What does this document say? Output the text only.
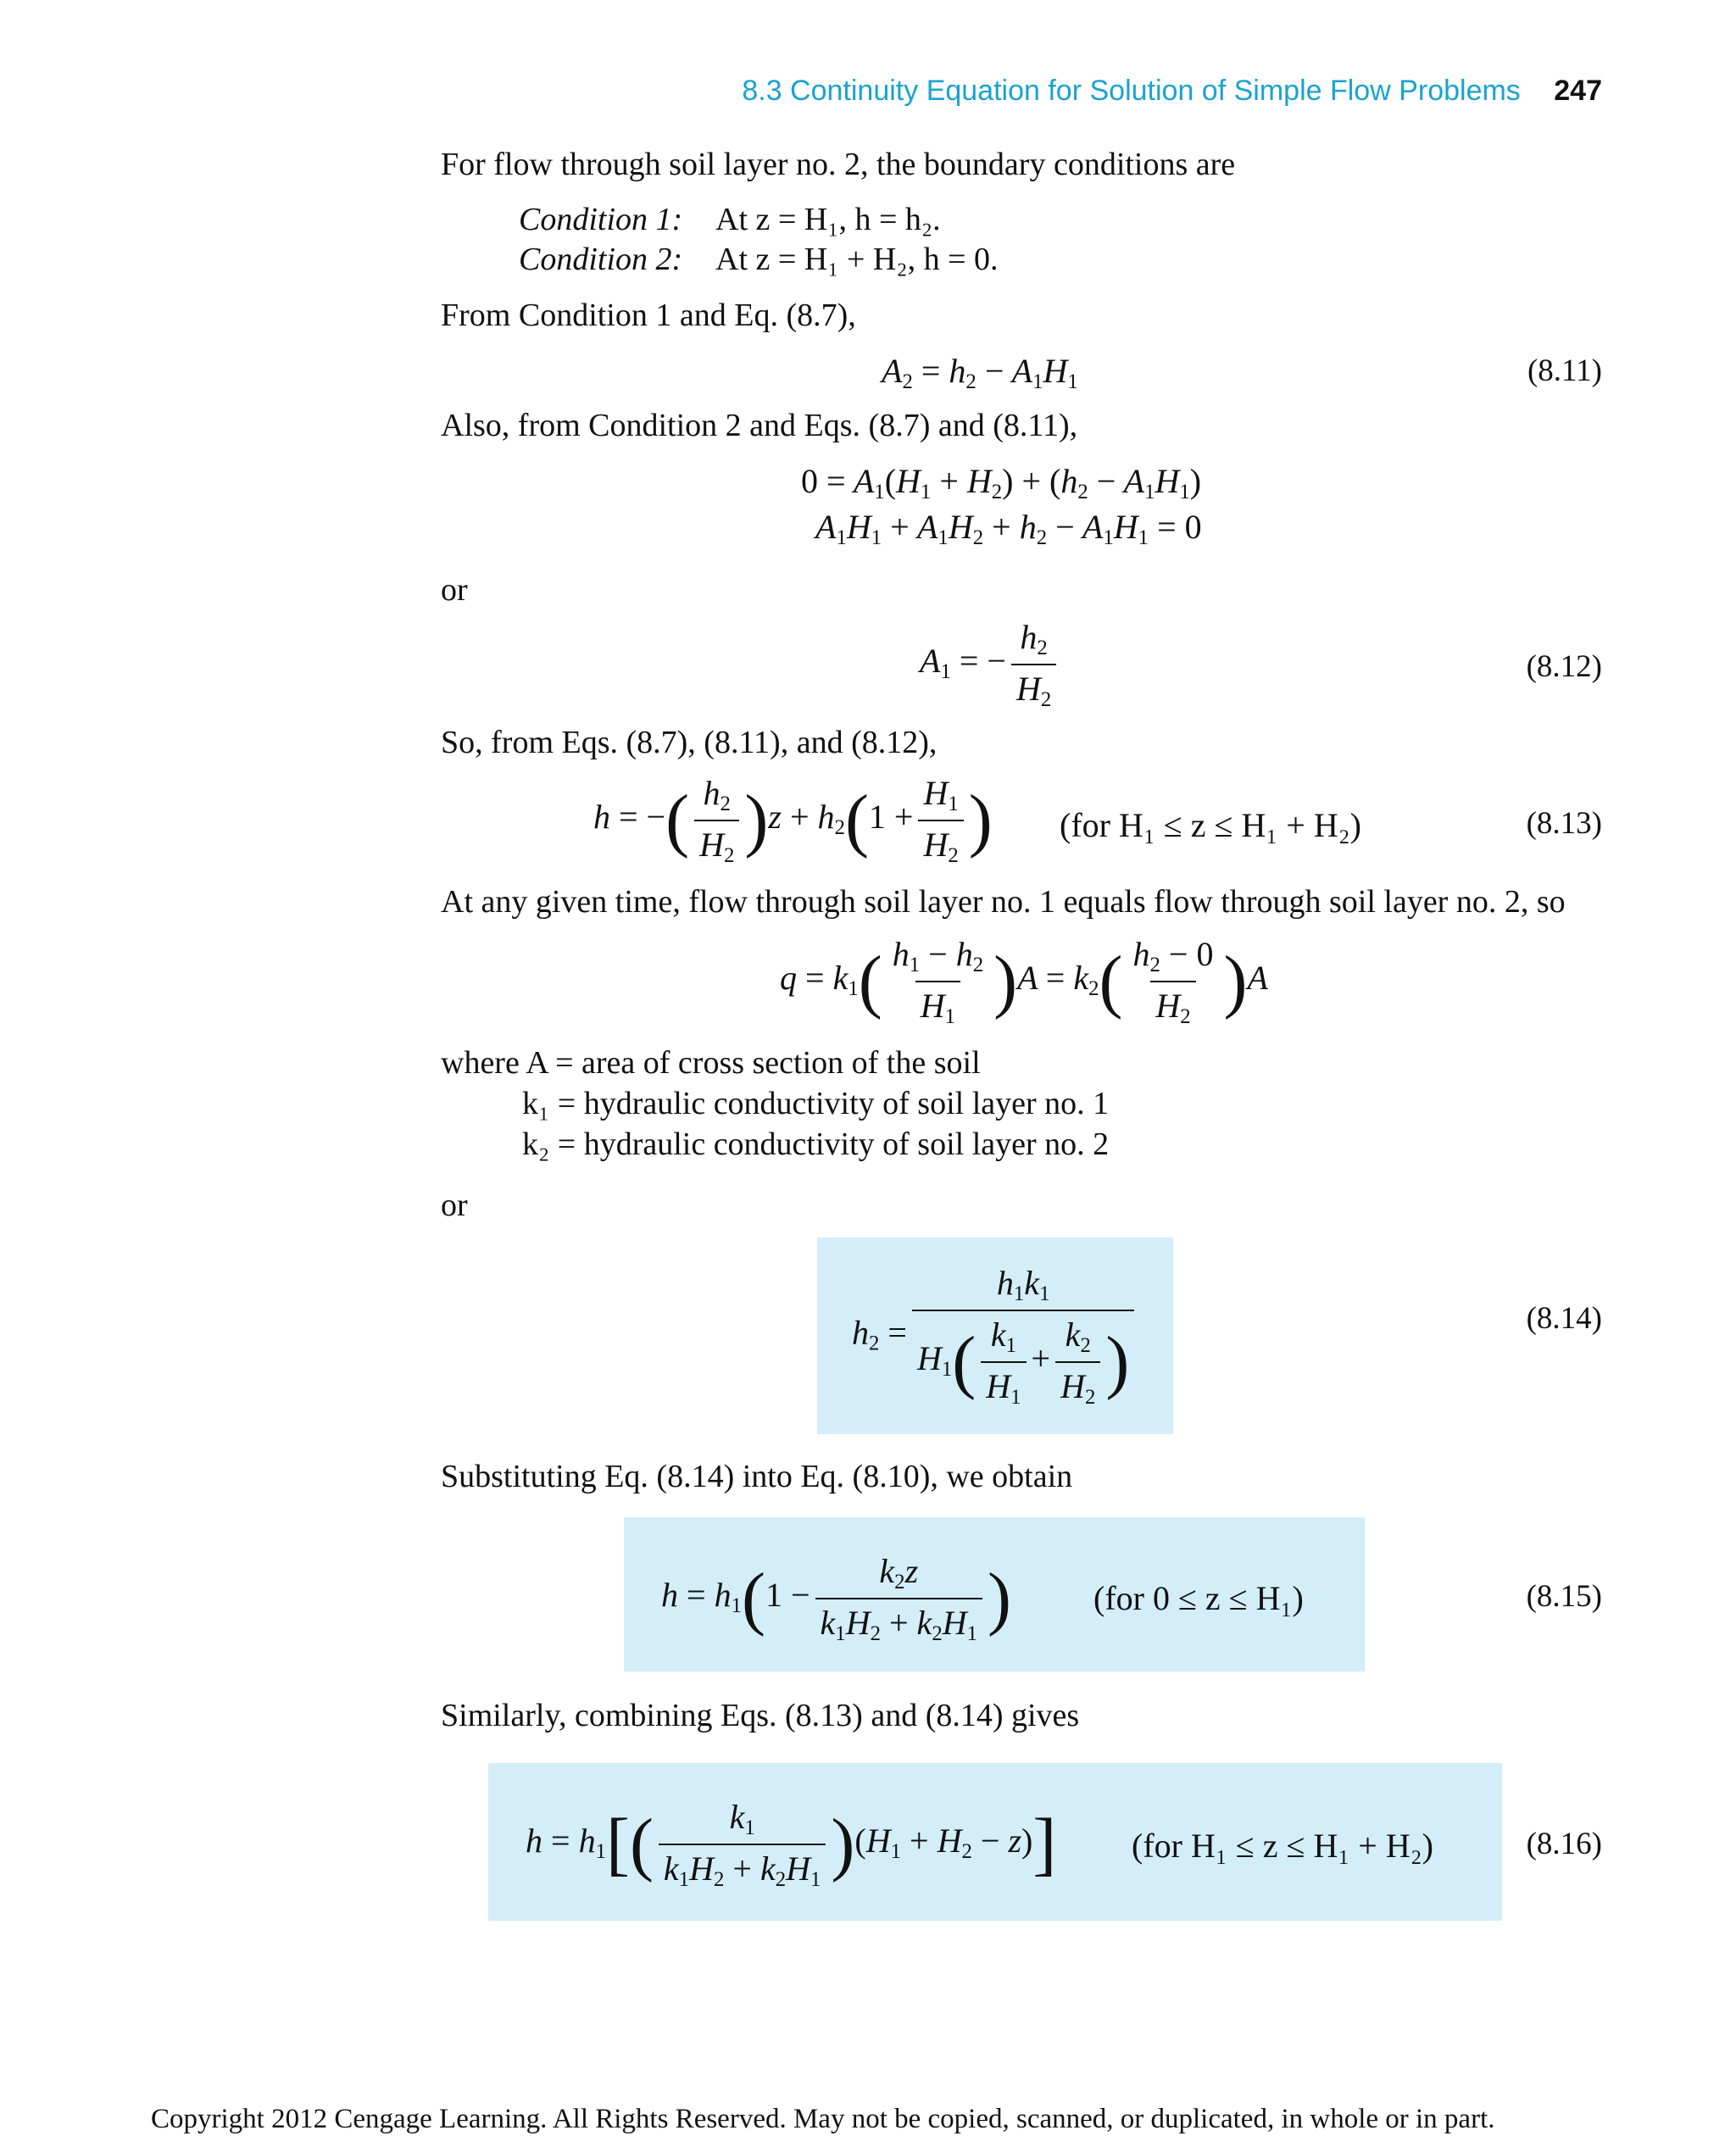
8.3 Continuity Equation for Solution of Simple Flow Problems 247
For flow through soil layer no. 2, the boundary conditions are
Condition 1: At z = H₁, h = h₂.
Condition 2: At z = H₁ + H₂, h = 0.
From Condition 1 and Eq. (8.7),
$A_2 = h_2 - A_1H_1$	(8.11)
Also, from Condition 2 and Eqs. (8.7) and (8.11),
$0 = A_1(H_1 + H_2) + (h_2 - A_1H_1)$
$A_1H_1 + A_1H_2 + h_2 - A_1H_1 = 0$
or
$A_1$ = − $\frac{h_2}{H_2}$	(8.12)
So, from Eqs. (8.7), (8.11), and (8.12),
h = −( $\frac{h_2}{H_2} )z + h_2(1 + \frac{H_1}{H_2}$ ) (for H₁ ≤ z ≤ H₁ + H₂)	(8.13)
At any given time, flow through soil layer no. 1 equals flow through soil layer no. 2, so
$q = k_1( \frac{h_1 - h_2}{H_1} )A = k_2( \frac{h_2 - 0}{H_2} )A$
where A = area of cross section of the soil
k₁ = hydraulic conductivity of soil layer no. 1
k₂ = hydraulic conductivity of soil layer no. 2
or
$h_2 = \frac{h_1k_1}{H_1( \frac{k_1}{H_1} + \frac{k_2}{H_2} )}$	(8.14)
Substituting Eq. (8.14) into Eq. (8.10), we obtain
$h = h_1(1 - \frac{k_2z}{k_1H_2 + k_2H_1}$ ) (for 0 ≤ z ≤ H₁)	(8.15)
Similarly, combining Eqs. (8.13) and (8.14) gives
$h = h_1[( \frac{k_1}{k_1H_2 + k_2H_1} )(H_1 + H_2 - z)]$ (for H₁ ≤ z ≤ H₁ + H₂)	(8.16)
Copyright 2012 Cengage Learning. All Rights Reserved. May not be copied, scanned, or duplicated, in whole or in part.
